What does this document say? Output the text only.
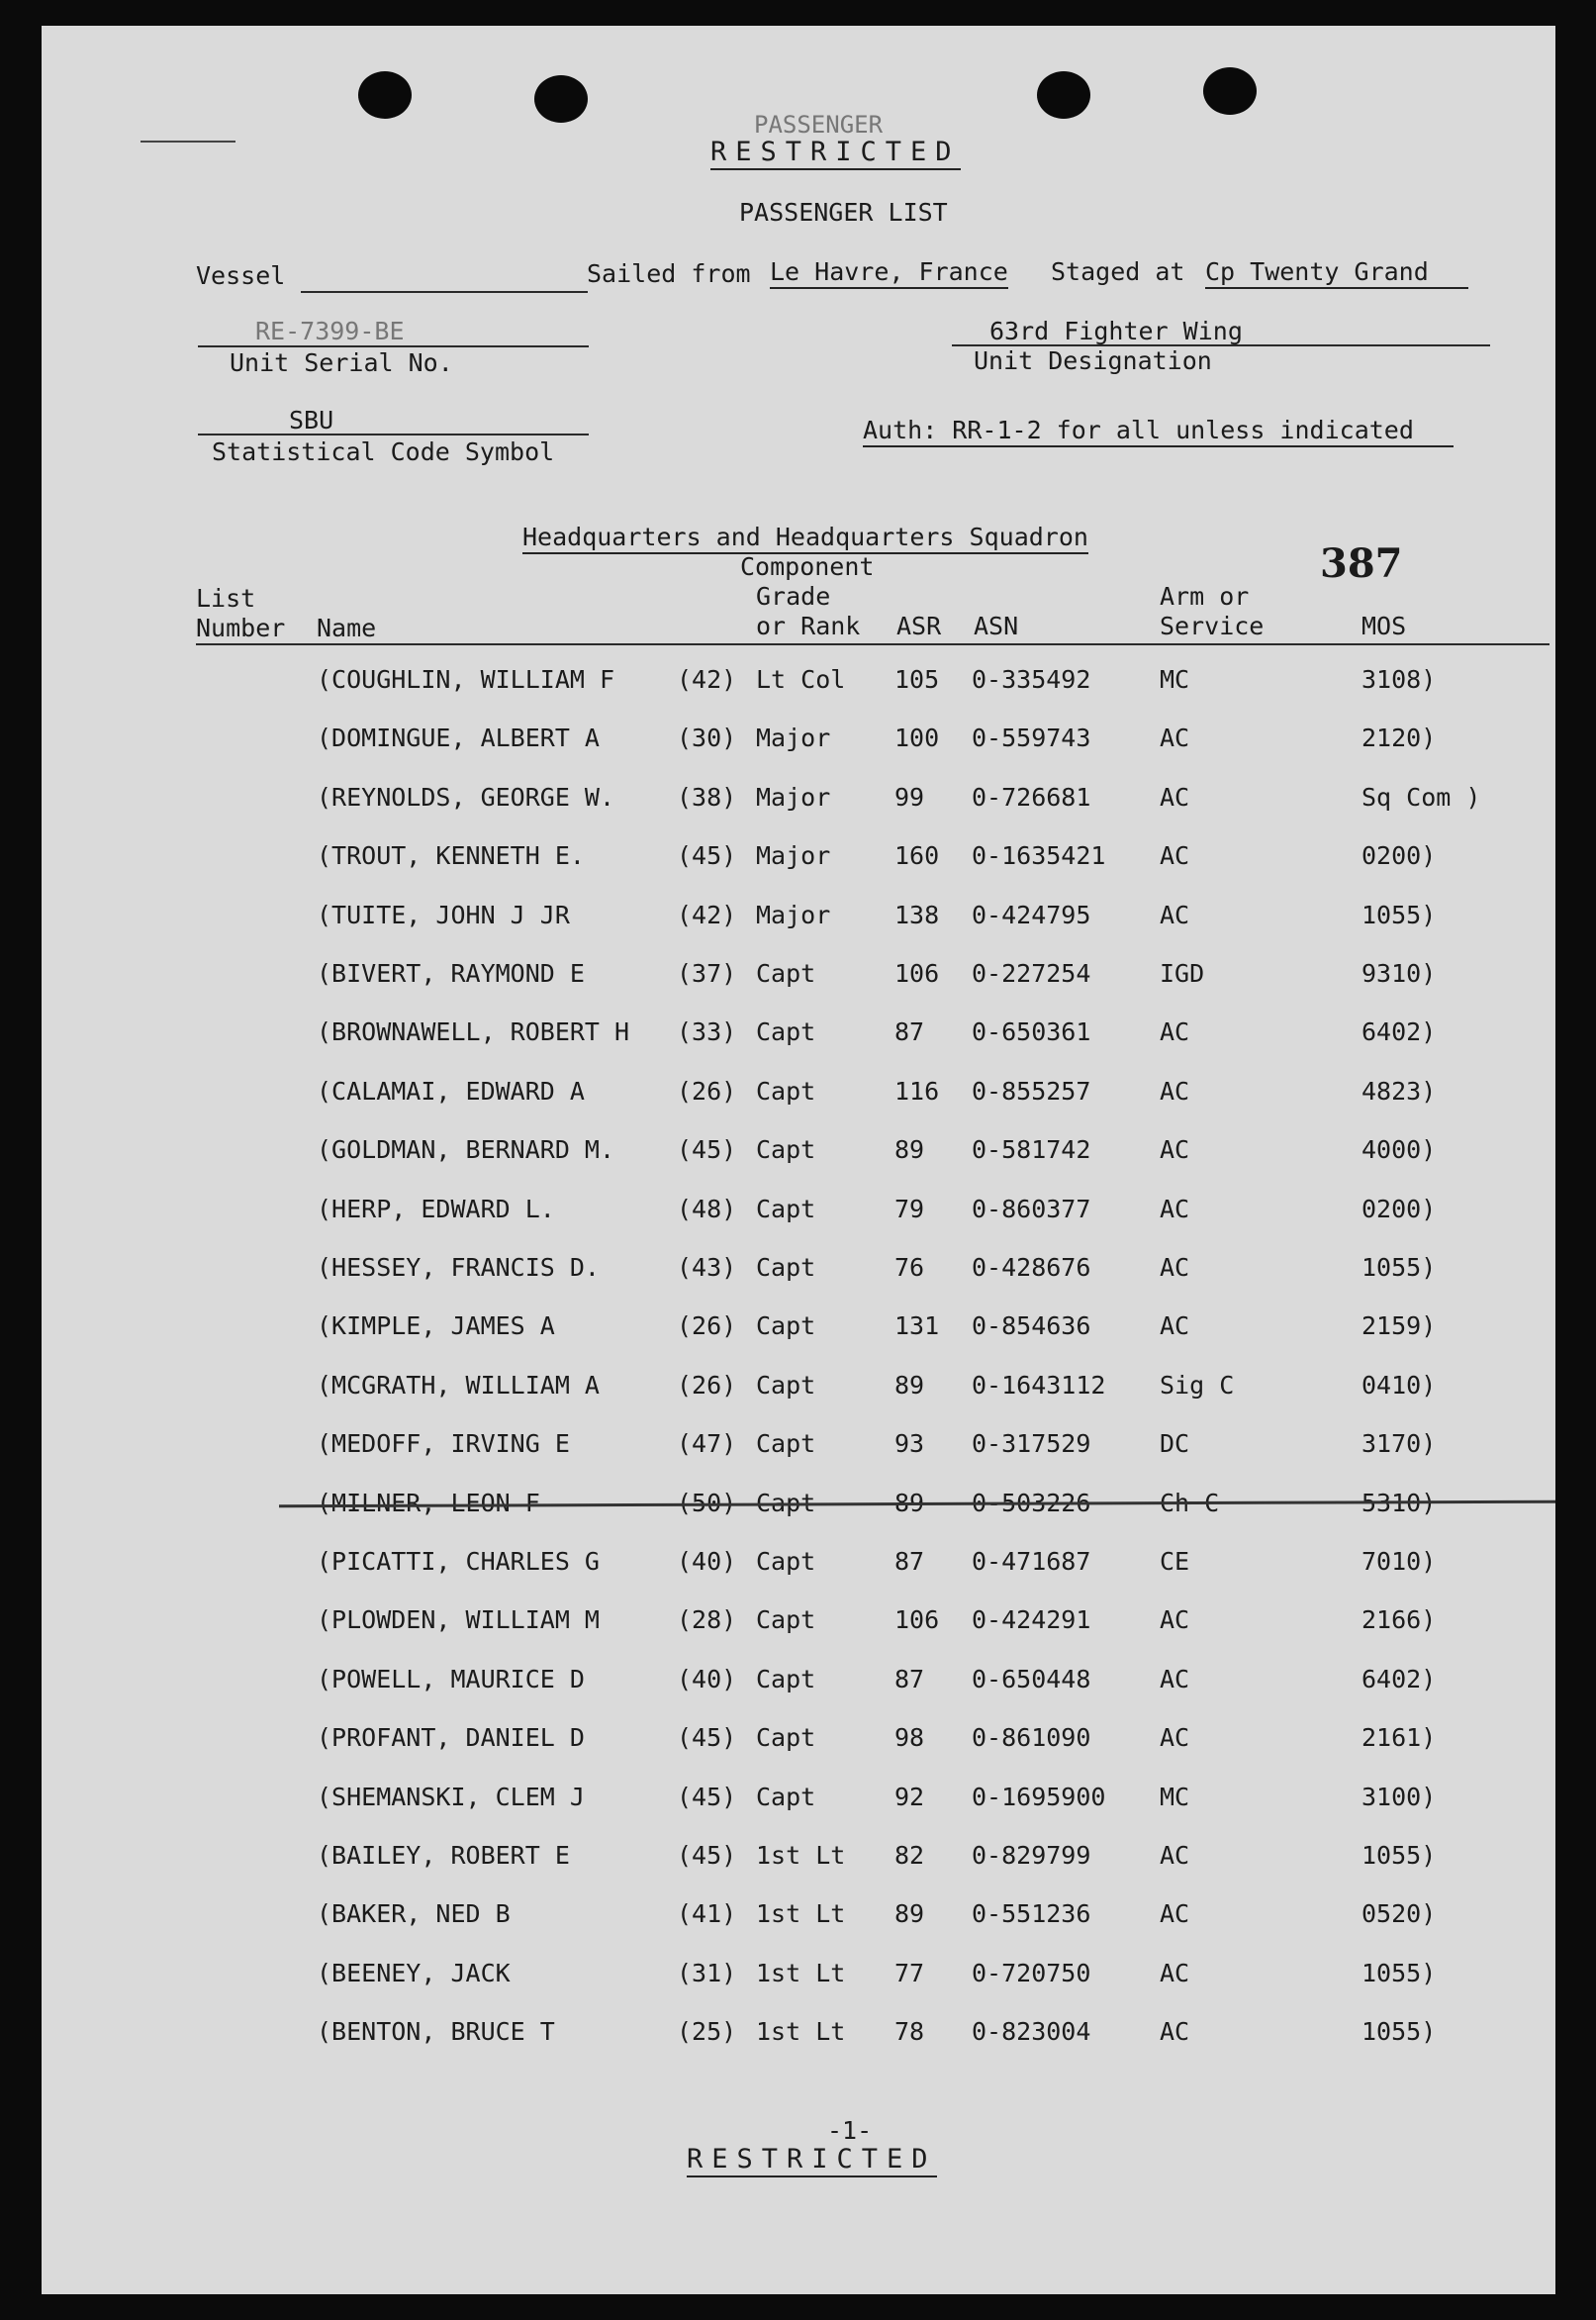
PASSENGER
RESTRICTED
PASSENGER LIST
Vessel	Sailed from Le Havre, France Staged at Cp Twenty Grand
RE-7399-BE
Unit Serial No.
63rd Fighter Wing
Unit Designation
SBU
Statistical Code Symbol
Auth: RR-1-2 for all unless indicated
Headquarters and Headquarters Squadron
387
Component
List	Grade	Arm or
Number Name	or Rank ASR ASN	Service	MOS
(COUGHLIN, WILLIAM F	(42) Lt Col 105 0-335492	MC	3108)
(DOMINGUE, ALBERT A	(30) Major	100 0-559743	AC	2120)
(REYNOLDS, GEORGE W.	(38) Major	99 0-726681	AC	Sq Com )
(TROUT, KENNETH E.	(45) Major	160 0-1635421 AC	0200)
(TUITE, JOHN J JR	(42) Major	138 0-424795	AC	1055)
(BIVERT, RAYMOND E	(37) Capt	106 0-227254	IGD	9310)
(BROWNAWELL, ROBERT H (33) Capt	87 0-650361	AC	6402)
(CALAMAI, EDWARD A	(26) Capt	116 0-855257	AC	4823)
(GOLDMAN, BERNARD M.	(45) Capt	89 0-581742	AC	4000)
(HERP, EDWARD L.	(48) Capt	79 0-860377	AC	0200)
(HESSEY, FRANCIS D.	(43) Capt	76 0-428676	AC	1055)
(KIMPLE, JAMES A	(26) Capt	131 0-854636	AC	2159)
(MCGRATH, WILLIAM A	(26) Capt	89 0-1643112 Sig C	0410)
(MEDOFF, IRVING E	(47) Capt	93 0-317529	DC	3170)
(MILNER, LEON F	(50) Capt	89 0-503226	Ch C	5310)
(PICATTI, CHARLES G	(40) Capt	87 0-471687	CE	7010)
(PLOWDEN, WILLIAM M	(28) Capt	106 0-424291	AC	2166)
(POWELL, MAURICE D	(40) Capt	87 0-650448	AC	6402)
(PROFANT, DANIEL D	(45) Capt	98 0-861090	AC	2161)
(SHEMANSKI, CLEM J	(45) Capt	92 0-1695900 MC	3100)
(BAILEY, ROBERT E	(45) 1st Lt 82 0-829799	AC	1055)
(BAKER, NED B	(41) 1st Lt 89 0-551236	AC	0520)
(BEENEY, JACK	(31) 1st Lt 77 0-720750	AC	1055)
(BENTON, BRUCE T	(25) 1st Lt 78 0-823004	AC	1055)
-1-
RESTRICTED
